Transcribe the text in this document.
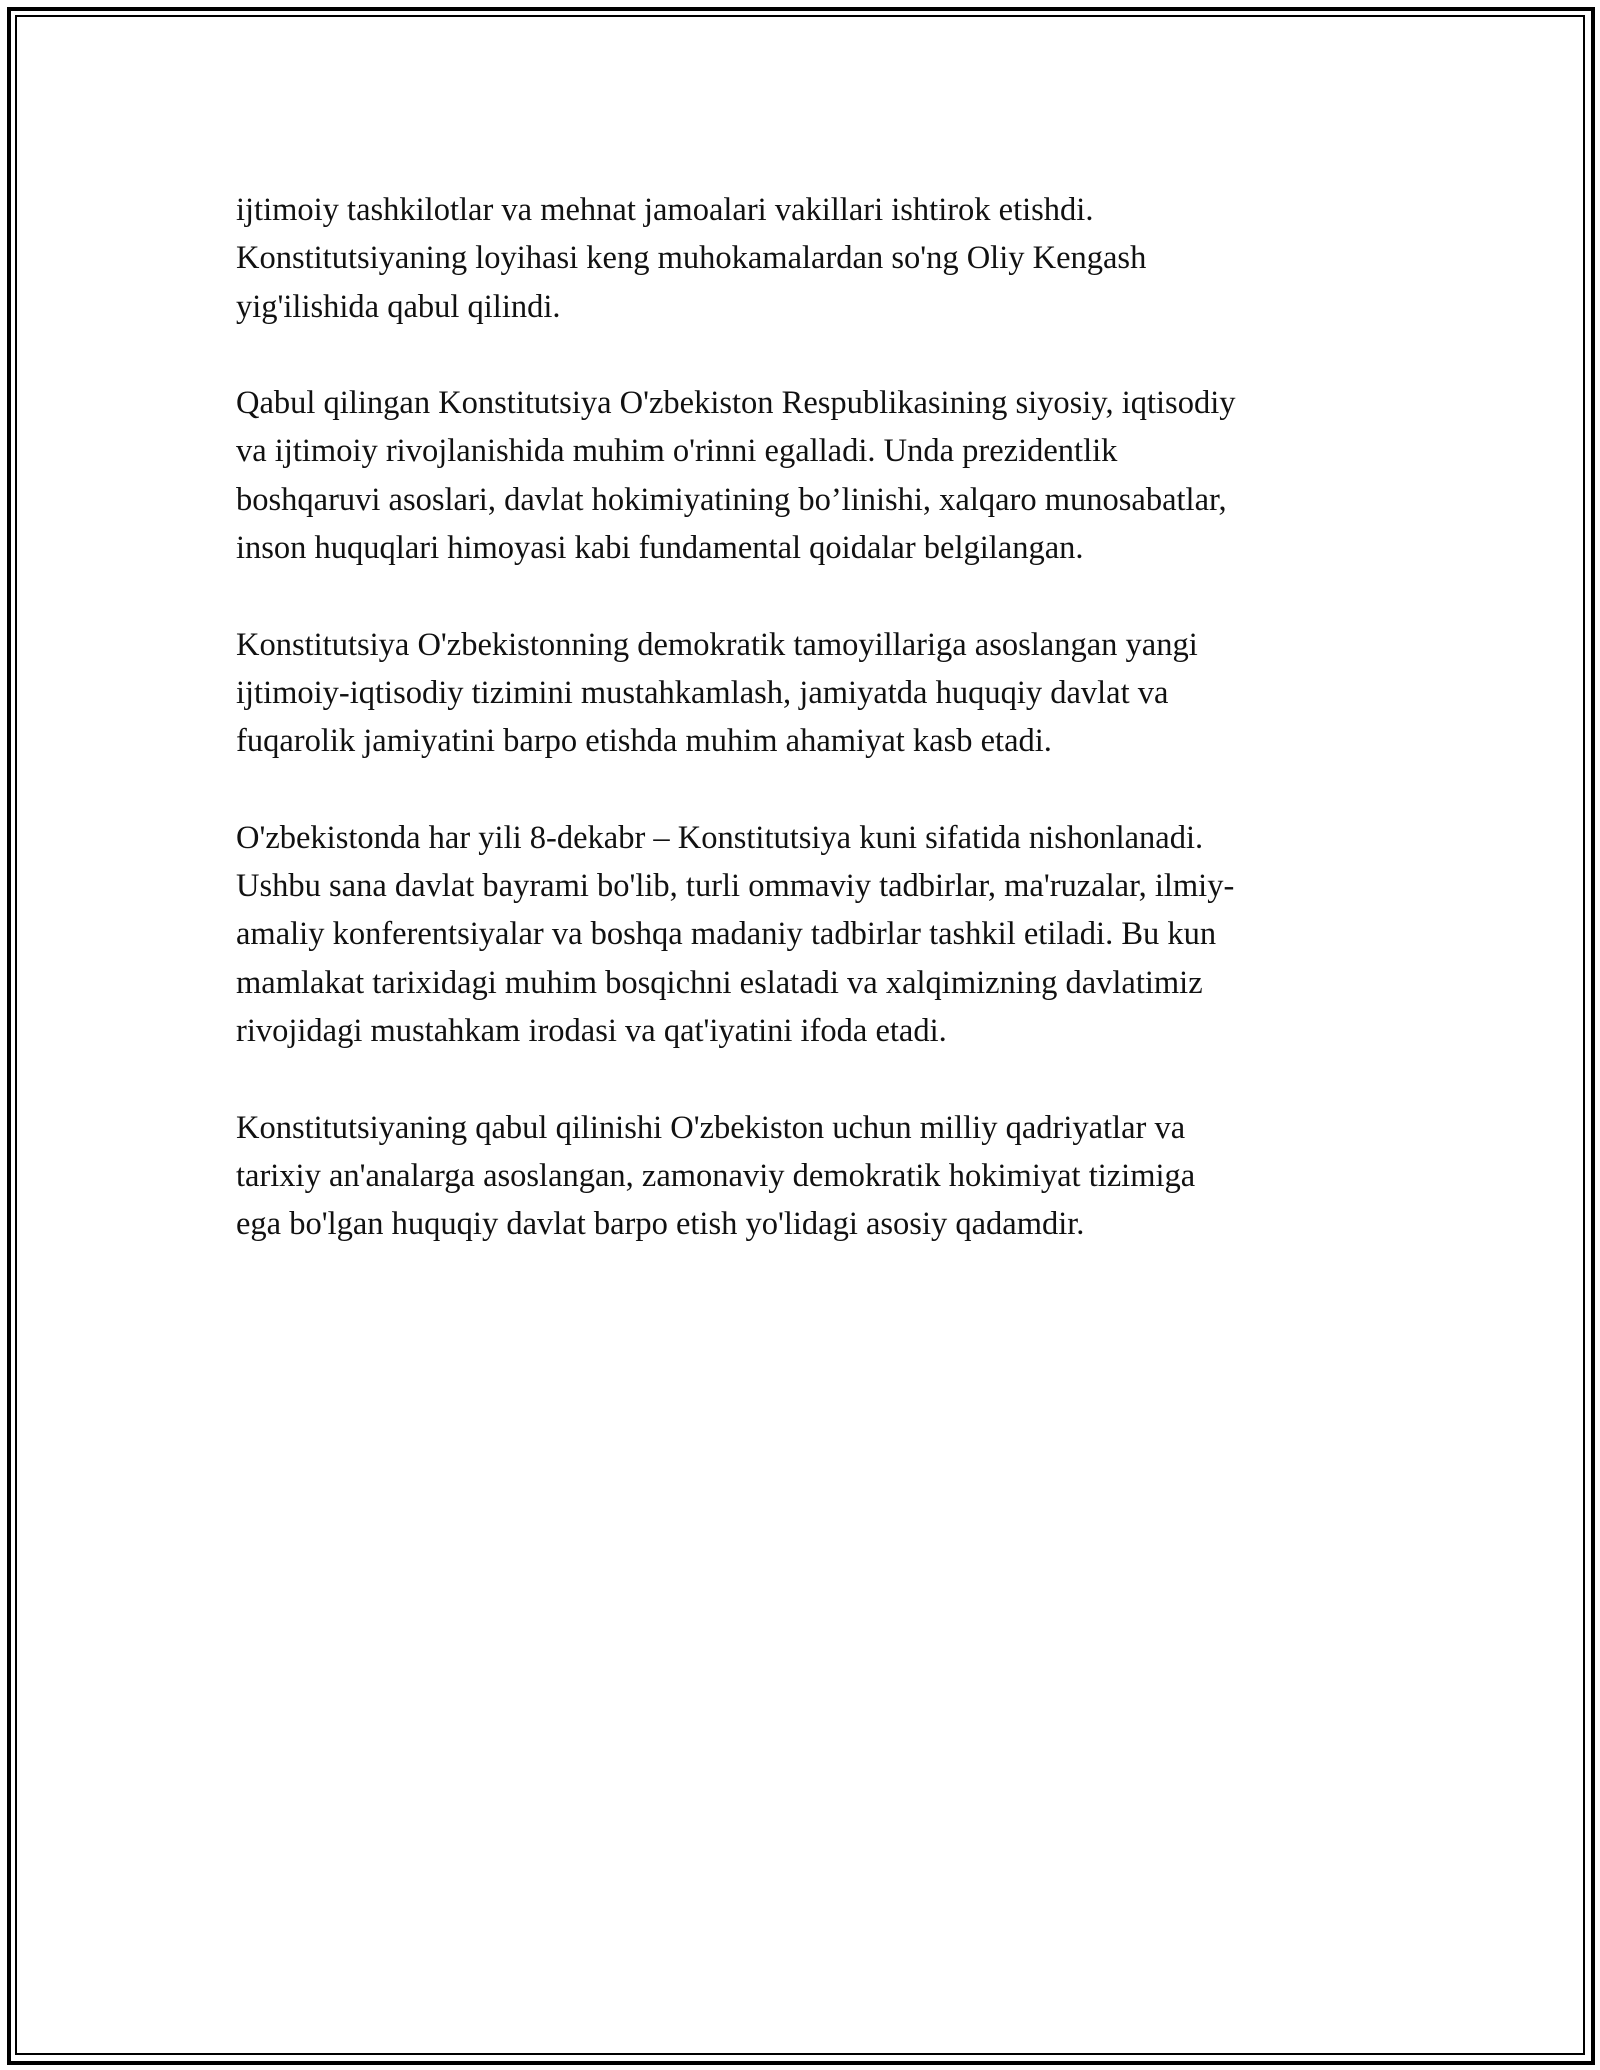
ijtimoiy tashkilotlar va mehnat jamoalari vakillari ishtirok etishdi.
Konstitutsiyaning loyihasi keng muhokamalardan so'ng Oliy Kengash
yig'ilishida qabul qilindi.

Qabul qilingan Konstitutsiya O'zbekiston Respublikasining siyosiy, iqtisodiy
va ijtimoiy rivojlanishida muhim o'rinni egalladi. Unda prezidentlik
boshqaruvi asoslari, davlat hokimiyatining bo’linishi, xalqaro munosabatlar,
inson huquqlari himoyasi kabi fundamental qoidalar belgilangan.

Konstitutsiya O'zbekistonning demokratik tamoyillariga asoslangan yangi
ijtimoiy-iqtisodiy tizimini mustahkamlash, jamiyatda huquqiy davlat va
fuqarolik jamiyatini barpo etishda muhim ahamiyat kasb etadi.

O'zbekistonda har yili 8-dekabr – Konstitutsiya kuni sifatida nishonlanadi.
Ushbu sana davlat bayrami bo'lib, turli ommaviy tadbirlar, ma'ruzalar, ilmiy-
amaliy konferentsiyalar va boshqa madaniy tadbirlar tashkil etiladi. Bu kun
mamlakat tarixidagi muhim bosqichni eslatadi va xalqimizning davlatimiz
rivojidagi mustahkam irodasi va qat'iyatini ifoda etadi.

Konstitutsiyaning qabul qilinishi O'zbekiston uchun milliy qadriyatlar va
tarixiy an'analarga asoslangan, zamonaviy demokratik hokimiyat tizimiga
ega bo'lgan huquqiy davlat barpo etish yo'lidagi asosiy qadamdir.
